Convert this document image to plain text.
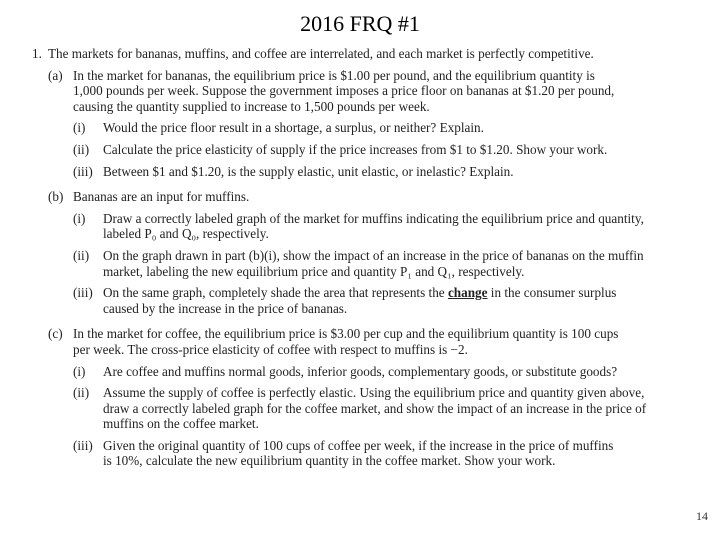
2016 FRQ #1
1. The markets for bananas, muffins, and coffee are interrelated, and each market is perfectly competitive.
(a) In the market for bananas, the equilibrium price is $1.00 per pound, and the equilibrium quantity is
1,000 pounds per week. Suppose the government imposes a price floor on bananas at $1.20 per pound,
causing the quantity supplied to increase to 1,500 pounds per week.
(i)	Would the price floor result in a shortage, a surplus, or neither? Explain.
(ii)	Calculate the price elasticity of supply if the price increases from $1 to $1.20. Show your work.
(iii) Between $1 and $1.20, is the supply elastic, unit elastic, or inelastic? Explain.
(b) Bananas are an input for muffins.
(i)	Draw a correctly labeled graph of the market for muffins indicating the equilibrium price and quantity,
labeled P₀ and Q₀, respectively.
(ii)	On the graph drawn in part (b)(i), show the impact of an increase in the price of bananas on the muffin
market, labeling the new equilibrium price and quantity P₁ and Q₁, respectively.
(iii) On the same graph, completely shade the area that represents the change in the consumer surplus
caused by the increase in the price of bananas.
(c) In the market for coffee, the equilibrium price is $3.00 per cup and the equilibrium quantity is 100 cups
per week. The cross-price elasticity of coffee with respect to muffins is −2.
(i)	Are coffee and muffins normal goods, inferior goods, complementary goods, or substitute goods?
(ii)	Assume the supply of coffee is perfectly elastic. Using the equilibrium price and quantity given above,
draw a correctly labeled graph for the coffee market, and show the impact of an increase in the price of
muffins on the coffee market.
(iii) Given the original quantity of 100 cups of coffee per week, if the increase in the price of muffins
is 10%, calculate the new equilibrium quantity in the coffee market. Show your work.
14
